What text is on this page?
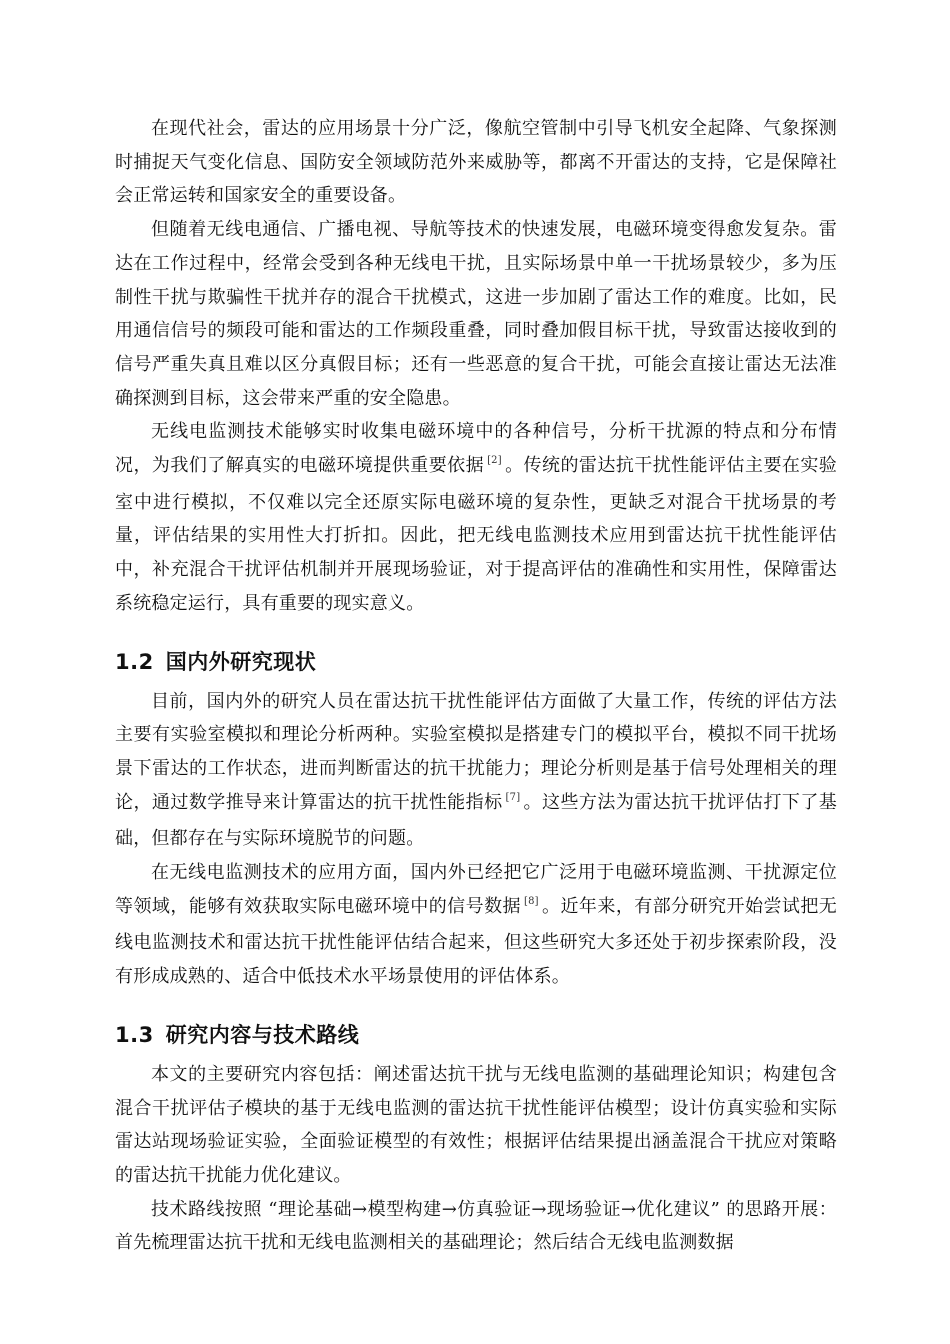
在现代社会，雷达的应用场景十分广泛，像航空管制中引导飞机安全起降、气象探测时捕捉天气变化信息、国防安全领域防范外来威胁等，都离不开雷达的支持，它是保障社会正常运转和国家安全的重要设备。

但随着无线电通信、广播电视、导航等技术的快速发展，电磁环境变得愈发复杂。雷达在工作过程中，经常会受到各种无线电干扰，且实际场景中单一干扰场景较少，多为压制性干扰与欺骗性干扰并存的混合干扰模式，这进一步加剧了雷达工作的难度。比如，民用通信信号的频段可能和雷达的工作频段重叠，同时叠加假目标干扰，导致雷达接收到的信号严重失真且难以区分真假目标；还有一些恶意的复合干扰，可能会直接让雷达无法准确探测到目标，这会带来严重的安全隐患。

无线电监测技术能够实时收集电磁环境中的各种信号，分析干扰源的特点和分布情况，为我们了解真实的电磁环境提供重要依据 [2] 。传统的雷达抗干扰性能评估主要在实验室中进行模拟，不仅难以完全还原实际电磁环境的复杂性，更缺乏对混合干扰场景的考量，评估结果的实用性大打折扣。因此，把无线电监测技术应用到雷达抗干扰性能评估中，补充混合干扰评估机制并开展现场验证，对于提高评估的准确性和实用性，保障雷达系统稳定运行，具有重要的现实意义。

1.2 国内外研究现状

目前，国内外的研究人员在雷达抗干扰性能评估方面做了大量工作，传统的评估方法主要有实验室模拟和理论分析两种。实验室模拟是搭建专门的模拟平台，模拟不同干扰场景下雷达的工作状态，进而判断雷达的抗干扰能力；理论分析则是基于信号处理相关的理论，通过数学推导来计算雷达的抗干扰性能指标 [7] 。这些方法为雷达抗干扰评估打下了基础，但都存在与实际环境脱节的问题。

在无线电监测技术的应用方面，国内外已经把它广泛用于电磁环境监测、干扰源定位等领域，能够有效获取实际电磁环境中的信号数据 [8] 。近年来，有部分研究开始尝试把无线电监测技术和雷达抗干扰性能评估结合起来，但这些研究大多还处于初步探索阶段，没有形成成熟的、适合中低技术水平场景使用的评估体系。

1.3 研究内容与技术路线

本文的主要研究内容包括：阐述雷达抗干扰与无线电监测的基础理论知识；构建包含混合干扰评估子模块的基于无线电监测的雷达抗干扰性能评估模型；设计仿真实验和实际雷达站现场验证实验，全面验证模型的有效性；根据评估结果提出涵盖混合干扰应对策略的雷达抗干扰能力优化建议。

技术路线按照 “理论基础→模型构建→仿真验证→现场验证→优化建议” 的思路开展：首先梳理雷达抗干扰和无线电监测相关的基础理论；然后结合无线电监测数据
